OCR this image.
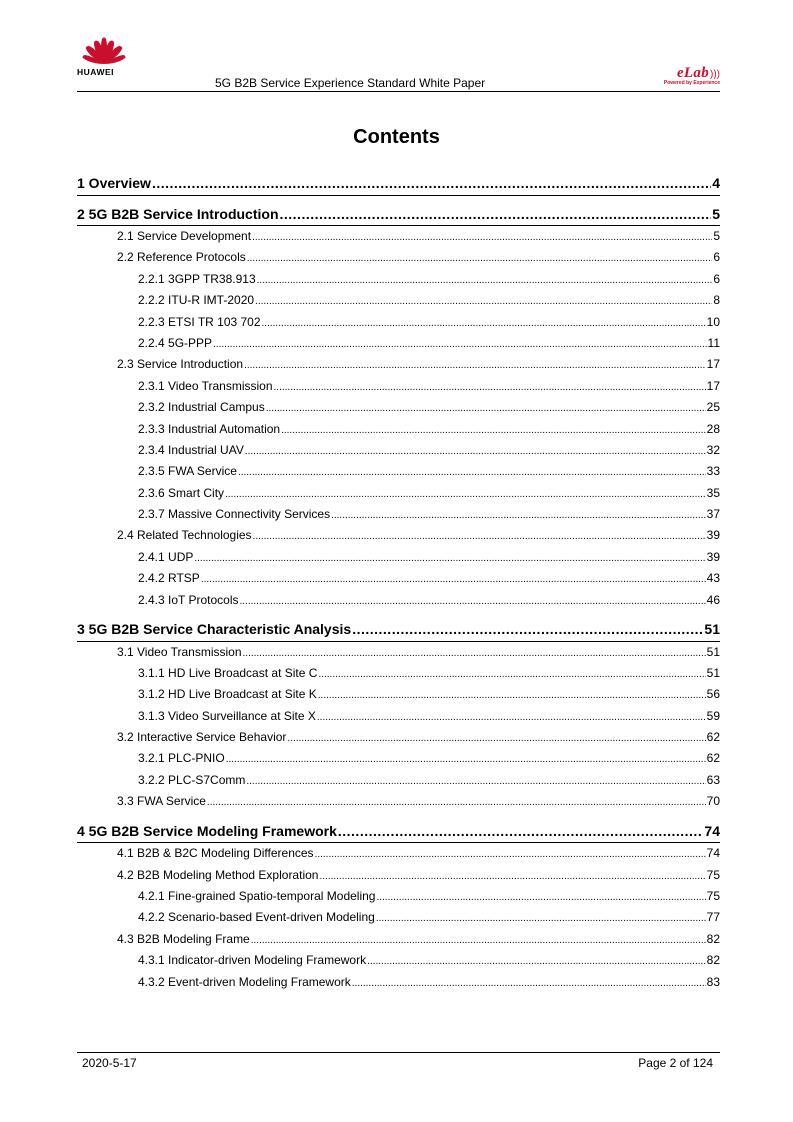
HUAWEI
5G B2B Service Experience Standard White Paper
eLab)))
Powered by Experience
Contents
1 Overview .....	4
2 5G B2B Service Introduction .....	5
2.1 Service Development .....	5
2.2 Reference Protocols .....	6
2.2.1 3GPP TR38.913 .....	6
2.2.2 ITU-R IMT-2020 .....	8
2.2.3 ETSI TR 103 702 .....	10
2.2.4 5G-PPP .....	11
2.3 Service Introduction .....	17
2.3.1 Video Transmission .....	17
2.3.2 Industrial Campus .....	25
2.3.3 Industrial Automation .....	28
2.3.4 Industrial UAV .....	32
2.3.5 FWA Service .....	33
2.3.6 Smart City .....	35
2.3.7 Massive Connectivity Services .....	37
2.4 Related Technologies .....	39
2.4.1 UDP .....	39
2.4.2 RTSP .....	43
2.4.3 IoT Protocols .....	46
3 5G B2B Service Characteristic Analysis .....	51
3.1 Video Transmission .....	51
3.1.1 HD Live Broadcast at Site C .....	51
3.1.2 HD Live Broadcast at Site K .....	56
3.1.3 Video Surveillance at Site X .....	59
3.2 Interactive Service Behavior .....	62
3.2.1 PLC-PNIO .....	62
3.2.2 PLC-S7Comm .....	63
3.3 FWA Service .....	70
4 5G B2B Service Modeling Framework .....	74
4.1 B2B & B2C Modeling Differences .....	74
4.2 B2B Modeling Method Exploration .....	75
4.2.1 Fine-grained Spatio-temporal Modeling .....	75
4.2.2 Scenario-based Event-driven Modeling .....	77
4.3 B2B Modeling Frame .....	82
4.3.1 Indicator-driven Modeling Framework .....	82
4.3.2 Event-driven Modeling Framework .....	83
2020-5-17	Page 2 of 124
